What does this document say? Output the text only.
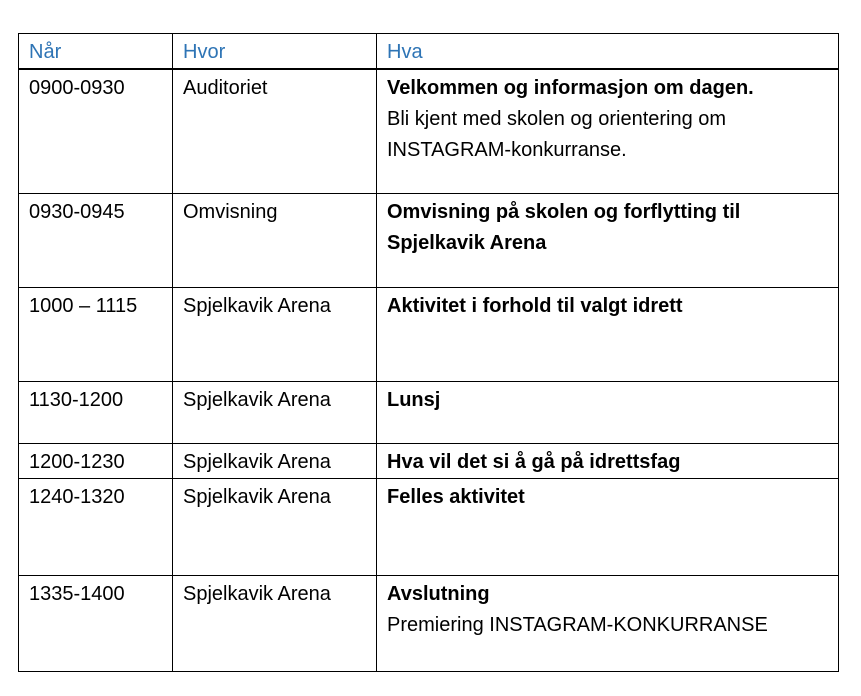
Når	Hvor	Hva
0900-0930	Auditoriet	Velkommen og informasjon om dagen.
Bli kjent med skolen og orientering om INSTAGRAM-konkurranse.

0930-0945	Omvisning	Omvisning på skolen og forflytting til Spjelkavik Arena

1000 – 1115	Spjelkavik Arena	Aktivitet i forhold til valgt idrett

1130-1200	Spjelkavik Arena	Lunsj

1200-1230	Spjelkavik Arena	Hva vil det si å gå på idrettsfag

1240-1320	Spjelkavik Arena	Felles aktivitet

1335-1400	Spjelkavik Arena	Avslutning
Premiering INSTAGRAM-KONKURRANSE
